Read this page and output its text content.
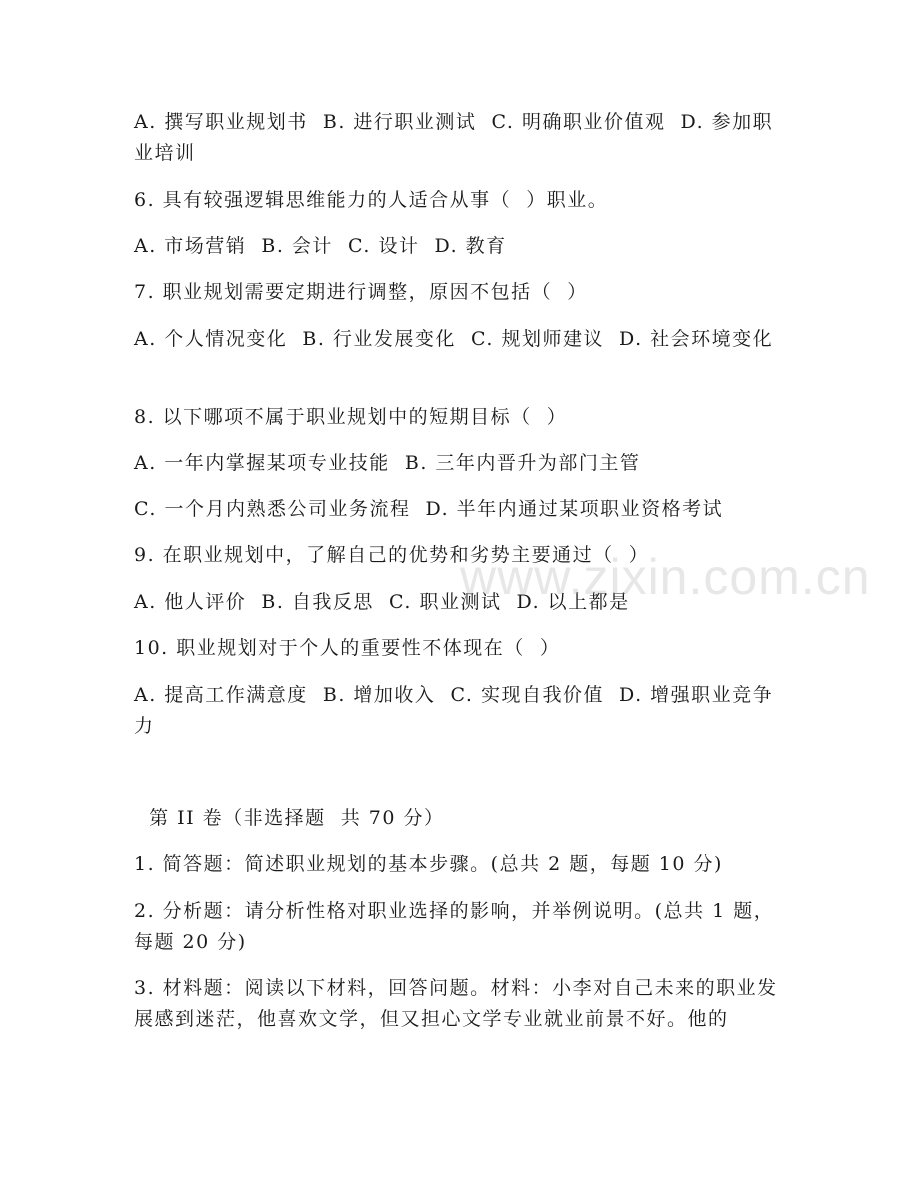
A. 撰写职业规划书  B. 进行职业测试  C. 明确职业价值观  D. 参加职业培训
6. 具有较强逻辑思维能力的人适合从事（  ）职业。
A. 市场营销  B. 会计  C. 设计  D. 教育
7. 职业规划需要定期进行调整，原因不包括（  ）
A. 个人情况变化  B. 行业发展变化  C. 规划师建议  D. 社会环境变化
8. 以下哪项不属于职业规划中的短期目标（  ）
A. 一年内掌握某项专业技能  B. 三年内晋升为部门主管
C. 一个月内熟悉公司业务流程  D. 半年内通过某项职业资格考试
9. 在职业规划中，了解自己的优势和劣势主要通过（  ）
A. 他人评价  B. 自我反思  C. 职业测试  D. 以上都是
10. 职业规划对于个人的重要性不体现在（  ）
A. 提高工作满意度  B. 增加收入  C. 实现自我价值  D. 增强职业竞争力
第 II 卷（非选择题  共 70 分）
1. 简答题：简述职业规划的基本步骤。(总共 2 题，每题 10 分)
2. 分析题：请分析性格对职业选择的影响，并举例说明。(总共 1 题，每题 20 分)
3. 材料题：阅读以下材料，回答问题。材料：小李对自己未来的职业发展感到迷茫，他喜欢文学，但又担心文学专业就业前景不好。他的
www.zixin.com.cn
